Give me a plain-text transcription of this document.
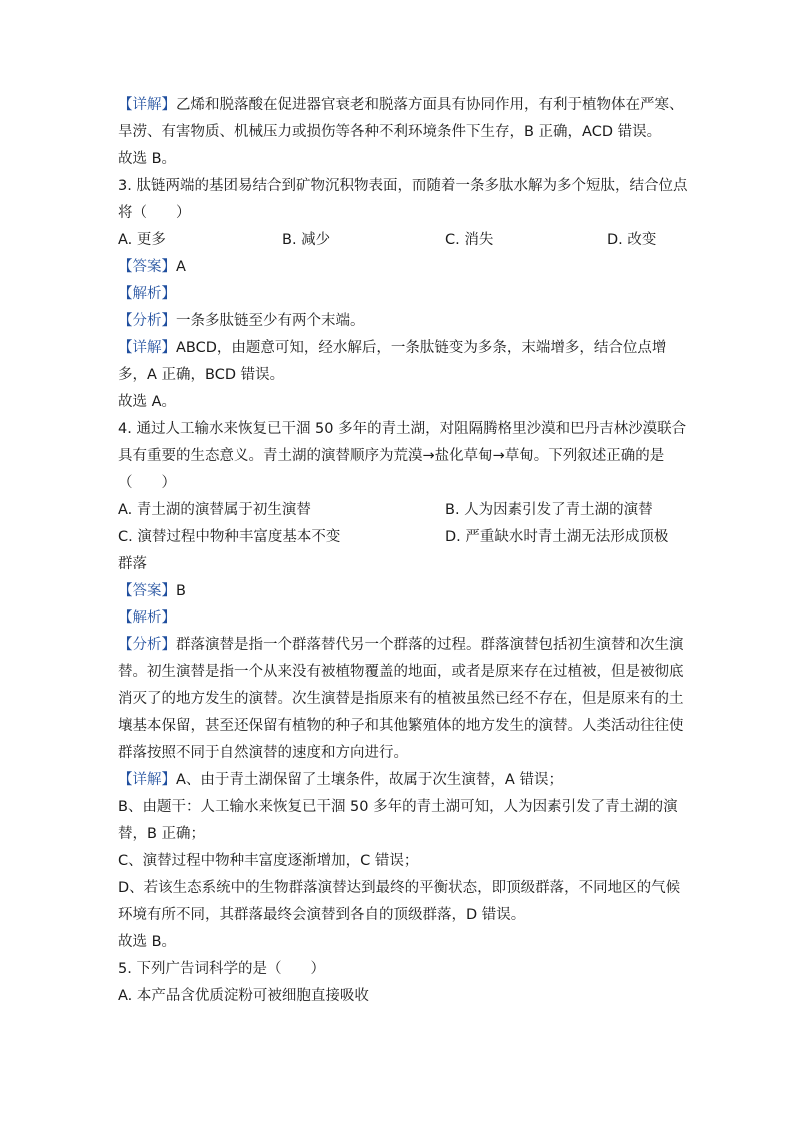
【详解】乙烯和脱落酸在促进器官衰老和脱落方面具有协同作用，有利于植物体在严寒、
旱涝、有害物质、机械压力或损伤等各种不利环境条件下生存，B 正确，ACD 错误。
故选 B。
3. 肽链两端的基团易结合到矿物沉积物表面，而随着一条多肽水解为多个短肽，结合位点
将（　　）
A. 更多	B. 减少	C. 消失	D. 改变
【答案】A
【解析】
【分析】一条多肽链至少有两个末端。
【详解】ABCD，由题意可知，经水解后，一条肽链变为多条，末端增多，结合位点增
多，A 正确，BCD 错误。
故选 A。
4. 通过人工输水来恢复已干涸 50 多年的青土湖，对阻隔腾格里沙漠和巴丹吉林沙漠联合
具有重要的生态意义。青土湖的演替顺序为荒漠→盐化草甸→草甸。下列叙述正确的是
（　　）
A. 青土湖的演替属于初生演替	B. 人为因素引发了青土湖的演替
C. 演替过程中物种丰富度基本不变	D. 严重缺水时青土湖无法形成顶极
群落
【答案】B
【解析】
【分析】群落演替是指一个群落替代另一个群落的过程。群落演替包括初生演替和次生演
替。初生演替是指一个从来没有被植物覆盖的地面，或者是原来存在过植被，但是被彻底
消灭了的地方发生的演替。次生演替是指原来有的植被虽然已经不存在，但是原来有的土
壤基本保留，甚至还保留有植物的种子和其他繁殖体的地方发生的演替。人类活动往往使
群落按照不同于自然演替的速度和方向进行。
【详解】A、由于青土湖保留了土壤条件，故属于次生演替，A 错误；
B、由题干：人工输水来恢复已干涸 50 多年的青土湖可知，人为因素引发了青土湖的演
替，B 正确；
C、演替过程中物种丰富度逐渐增加，C 错误；
D、若该生态系统中的生物群落演替达到最终的平衡状态，即顶级群落，不同地区的气候
环境有所不同，其群落最终会演替到各自的顶级群落，D 错误。
故选 B。
5. 下列广告词科学的是（　　）
A. 本产品含优质淀粉可被细胞直接吸收
